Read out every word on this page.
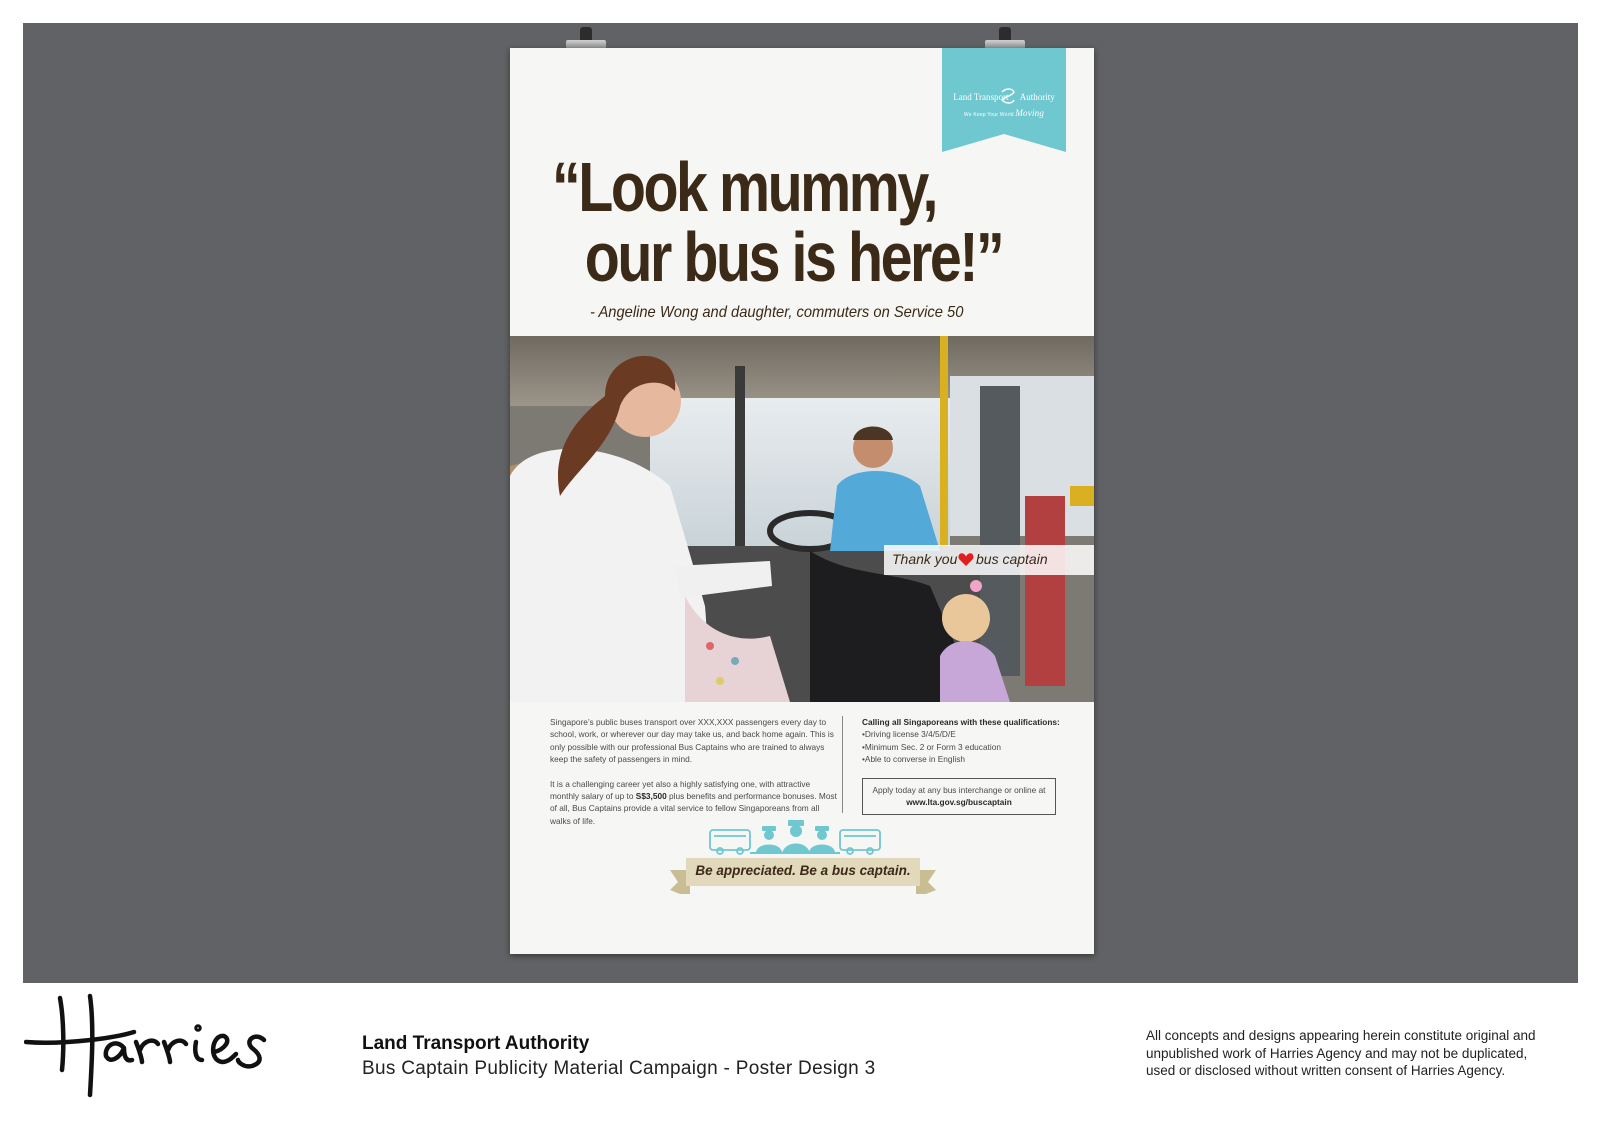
Land Transport Authority
We Keep Your World Moving
“Look mummy,
our bus is here!”
- Angeline Wong and daughter, commuters on Service 50
Thank you bus captain

Singapore’s public buses transport over XXX,XXX passengers every day to school, work, or wherever our day may take us, and back home again. This is only possible with our professional Bus Captains who are trained to always keep the safety of passengers in mind.

It is a challenging career yet also a highly satisfying one, with attractive monthly salary of up to S$3,500 plus benefits and performance bonuses. Most of all, Bus Captains provide a vital service to fellow Singaporeans from all walks of life.

Calling all Singaporeans with these qualifications:
• Driving license 3/4/5/D/E
• Minimum Sec. 2 or Form 3 education
• Able to converse in English
Apply today at any bus interchange or online at
www.lta.gov.sg/buscaptain
Be appreciated. Be a bus captain.
Land Transport Authority
Bus Captain Publicity Material Campaign - Poster Design 3
All concepts and designs appearing herein constitute original and
unpublished work of Harries Agency and may not be duplicated,
used or disclosed without written consent of Harries Agency.
